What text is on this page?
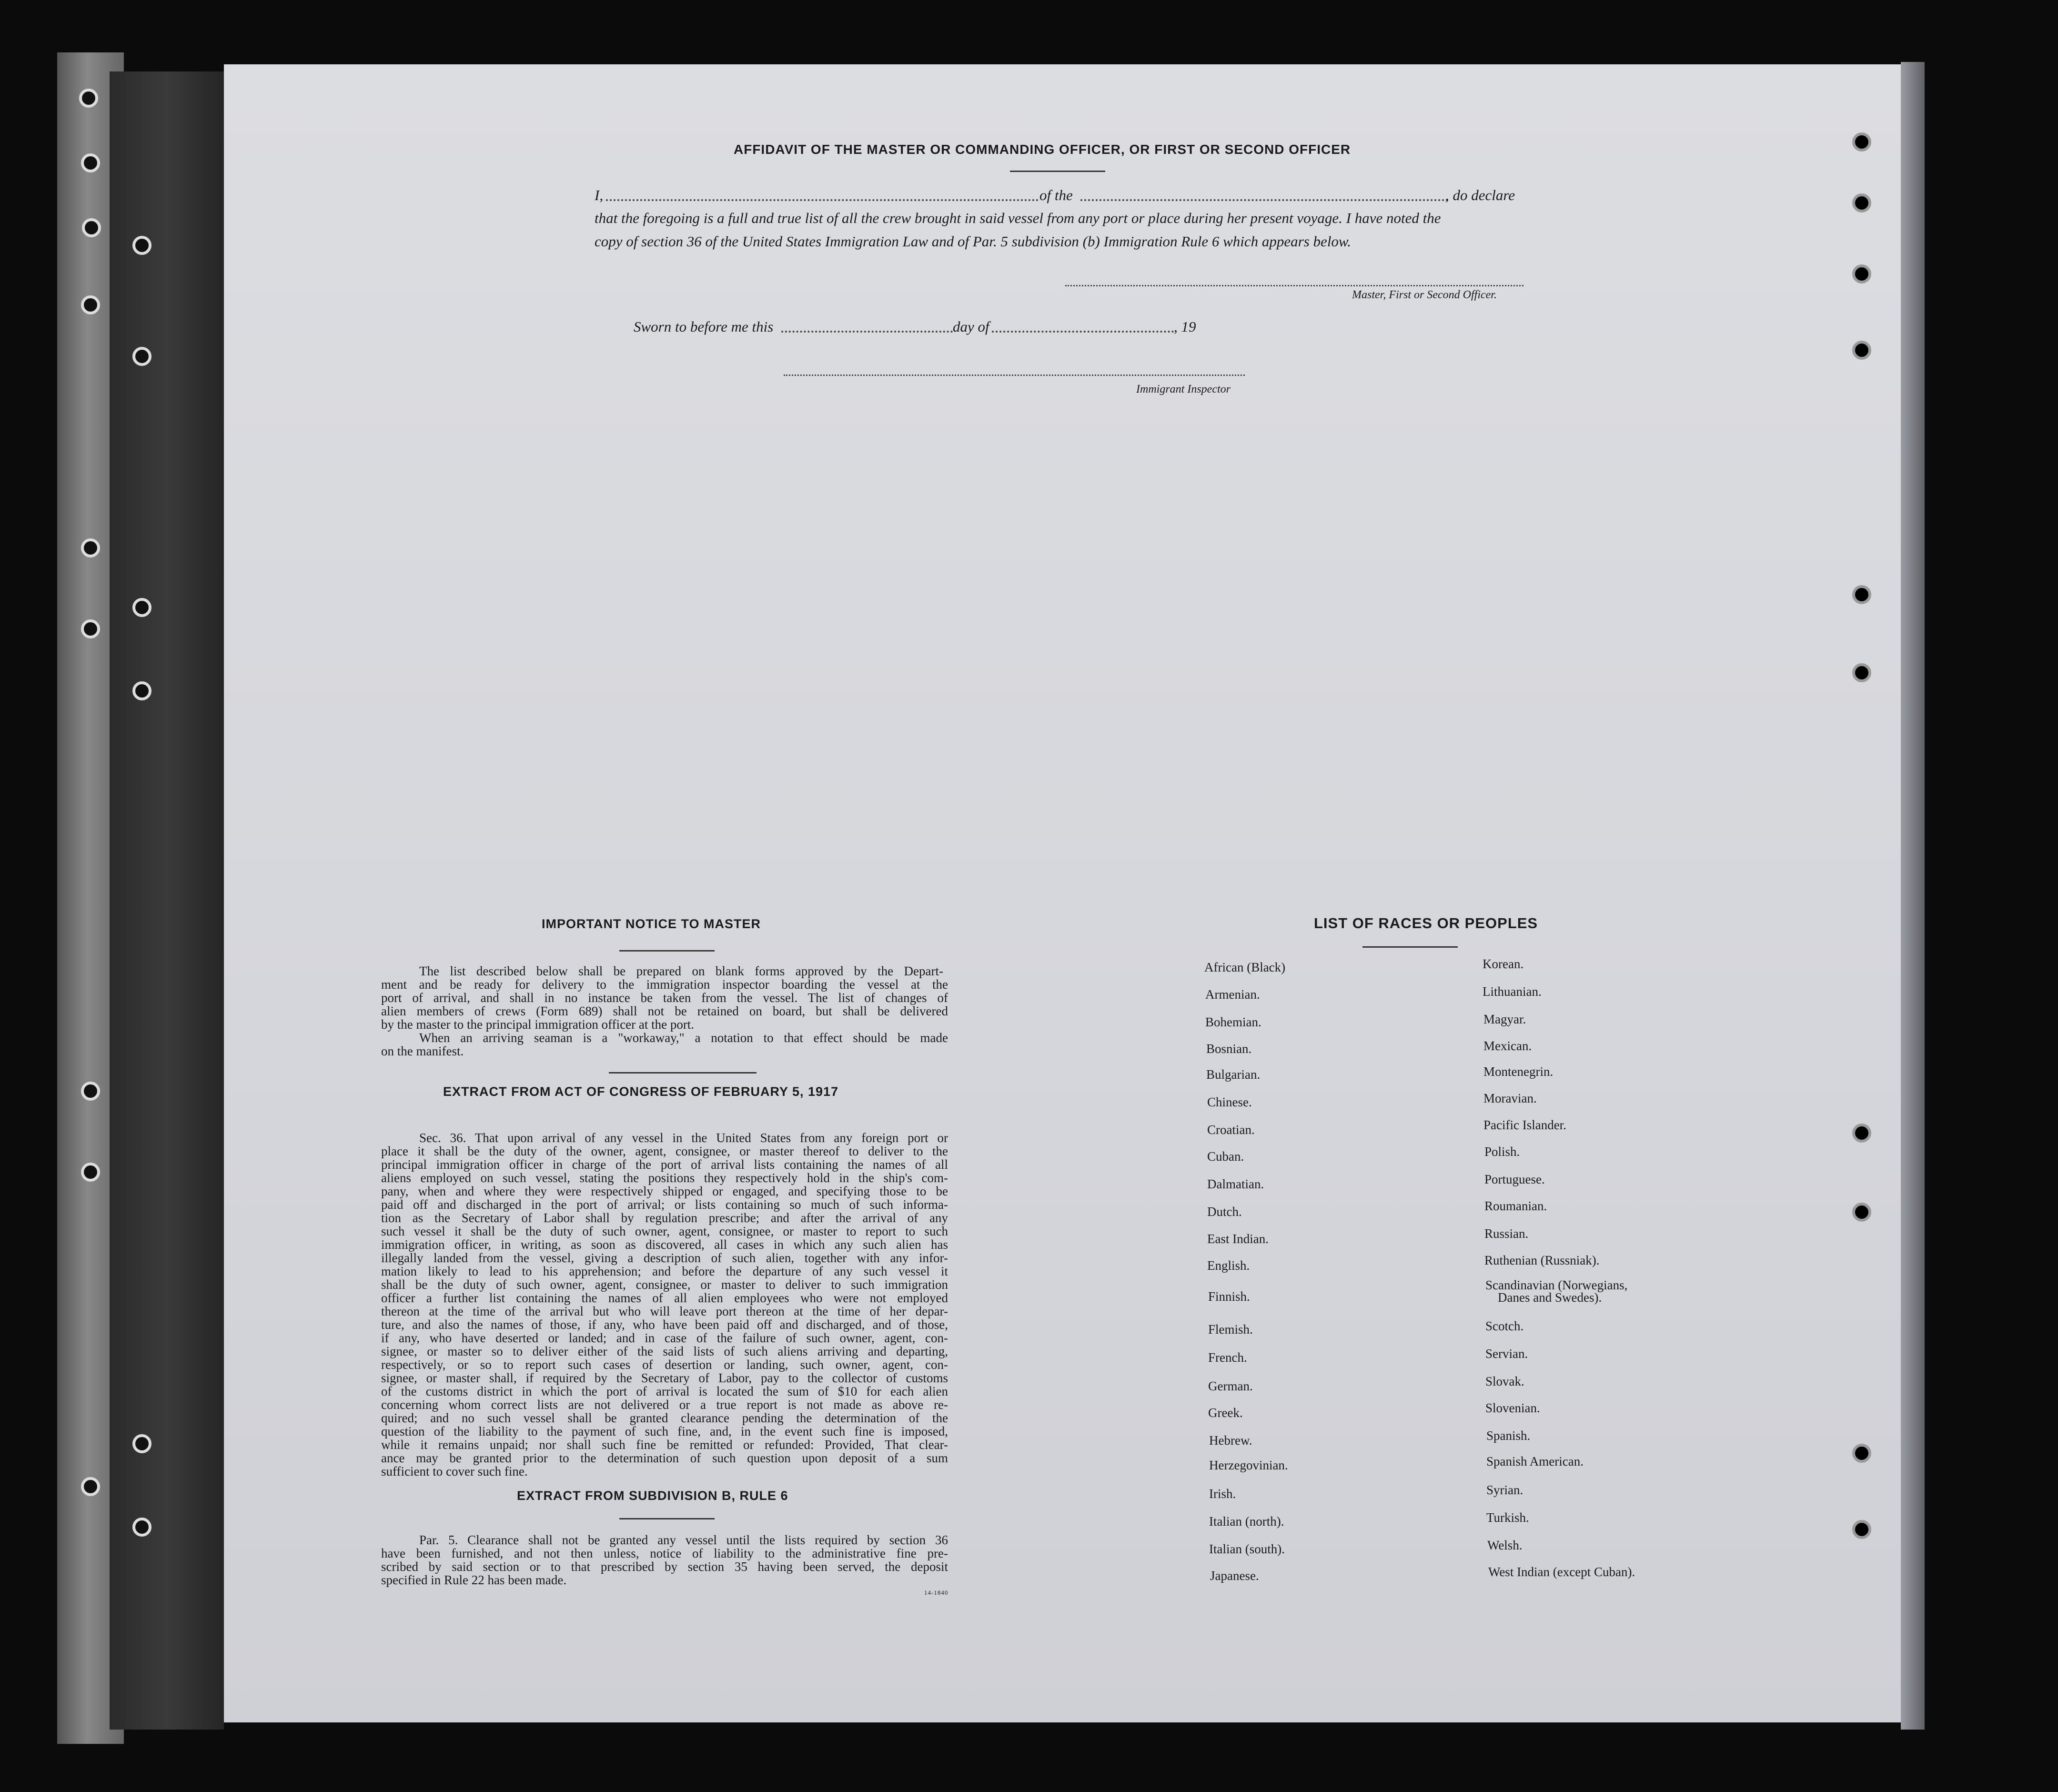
AFFIDAVIT OF THE MASTER OR COMMANDING OFFICER, OR FIRST OR SECOND OFFICER
I,	of the	, do declare
that the foregoing is a full and true list of all the crew brought in said vessel from any port or place during her present voyage. I have noted the
copy of section 36 of the United States Immigration Law and of Par. 5 subdivision (b) Immigration Rule 6 which appears below.
Master, First or Second Officer.
Sworn to before me this	day of	, 19
Immigrant Inspector
IMPORTANT NOTICE TO MASTER
The list described below shall be prepared on blank forms approved by the Depart-
ment and be ready for delivery to the immigration inspector boarding the vessel at the
port of arrival, and shall in no instance be taken from the vessel. The list of changes of
alien members of crews (Form 689) shall not be retained on board, but shall be delivered
by the master to the principal immigration officer at the port.
When an arriving seaman is a "workaway," a notation to that effect should be made
on the manifest.
EXTRACT FROM ACT OF CONGRESS OF FEBRUARY 5, 1917
Sec. 36. That upon arrival of any vessel in the United States from any foreign port or
place it shall be the duty of the owner, agent, consignee, or master thereof to deliver to the
principal immigration officer in charge of the port of arrival lists containing the names of all
aliens employed on such vessel, stating the positions they respectively hold in the ship's com-
pany, when and where they were respectively shipped or engaged, and specifying those to be
paid off and discharged in the port of arrival; or lists containing so much of such informa-
tion as the Secretary of Labor shall by regulation prescribe; and after the arrival of any
such vessel it shall be the duty of such owner, agent, consignee, or master to report to such
immigration officer, in writing, as soon as discovered, all cases in which any such alien has
illegally landed from the vessel, giving a description of such alien, together with any infor-
mation likely to lead to his apprehension; and before the departure of any such vessel it
shall be the duty of such owner, agent, consignee, or master to deliver to such immigration
officer a further list containing the names of all alien employees who were not employed
thereon at the time of the arrival but who will leave port thereon at the time of her depar-
ture, and also the names of those, if any, who have been paid off and discharged, and of those,
if any, who have deserted or landed; and in case of the failure of such owner, agent, con-
signee, or master so to deliver either of the said lists of such aliens arriving and departing,
respectively, or so to report such cases of desertion or landing, such owner, agent, con-
signee, or master shall, if required by the Secretary of Labor, pay to the collector of customs
of the customs district in which the port of arrival is located the sum of $10 for each alien
concerning whom correct lists are not delivered or a true report is not made as above re-
quired; and no such vessel shall be granted clearance pending the determination of the
question of the liability to the payment of such fine, and, in the event such fine is imposed,
while it remains unpaid; nor shall such fine be remitted or refunded: Provided, That clear-
ance may be granted prior to the determination of such question upon deposit of a sum
sufficient to cover such fine.
EXTRACT FROM SUBDIVISION B, RULE 6
Par. 5. Clearance shall not be granted any vessel until the lists required by section 36
have been furnished, and not then unless, notice of liability to the administrative fine pre-
scribed by said section or to that prescribed by section 35 having been served, the deposit
specified in Rule 22 has been made.
14-1840
LIST OF RACES OR PEOPLES
African (Black)
Armenian.
Bohemian.
Bosnian.
Bulgarian.
Chinese.
Croatian.
Cuban.
Dalmatian.
Dutch.
East Indian.
English.
Finnish.
Flemish.
French.
German.
Greek.
Hebrew.
Herzegovinian.
Irish.
Italian (north).
Italian (south).
Japanese.
Korean.
Lithuanian.
Magyar.
Mexican.
Montenegrin.
Moravian.
Pacific Islander.
Polish.
Portuguese.
Roumanian.
Russian.
Ruthenian (Russniak).
Scandinavian (Norwegians,
Danes and Swedes).
Scotch.
Servian.
Slovak.
Slovenian.
Spanish.
Spanish American.
Syrian.
Turkish.
Welsh.
West Indian (except Cuban).
